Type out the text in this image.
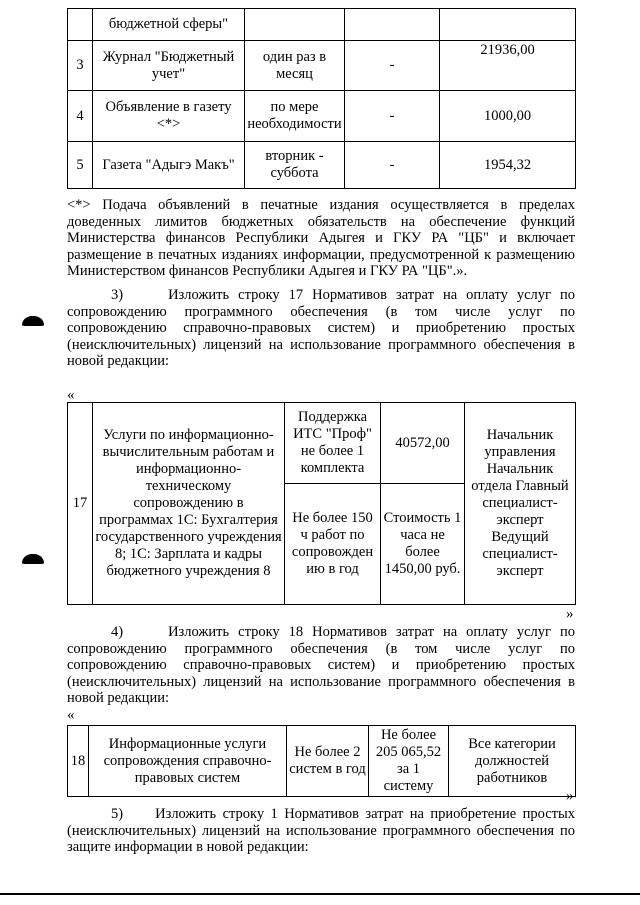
	бюджетной сферы"			
3	Журнал "Бюджетный учет"	один раз в месяц	-	21936,00
4	Объявление в газету <*>	по мере необходимости	-	1000,00
5	Газета "Адыгэ Макъ"	вторник - суббота	-	1954,32

<*> Подача объявлений в печатные издания осуществляется в пределах доведенных лимитов бюджетных обязательств на обеспечение функций Министерства финансов Республики Адыгея и ГКУ РА "ЦБ" и включает размещение в печатных изданиях информации, предусмотренной к размещению Министерством финансов Республики Адыгея и ГКУ РА "ЦБ".».

3)     Изложить строку 17 Нормативов затрат на оплату услуг по сопровождению программного обеспечения (в том числе услуг по сопровождению справочно-правовых систем) и приобретению простых (неисключительных) лицензий на использование программного обеспечения в новой редакции:

«
17	Услуги по информационно-вычислительным работам и информационно-техническому сопровождению в программах 1С: Бухгалтерия государственного учреждения 8; 1С: Зарплата и кадры бюджетного учреждения 8	Поддержка ИТС "Проф" не более 1 комплекта	40572,00	Начальник управления Начальник отдела Главный специалист-эксперт Ведущий специалист-эксперт
		Не более 150 ч работ по сопровожден ию в год	Стоимость 1 часа не более 1450,00 руб.	
»

4)     Изложить строку 18 Нормативов затрат на оплату услуг по сопровождению программного обеспечения (в том числе услуг по сопровождению справочно-правовых систем) и приобретению простых (неисключительных) лицензий на использование программного обеспечения в новой редакции:

«
18	Информационные услуги сопровождения справочно-правовых систем	Не более 2 систем в год	Не более 205 065,52 за 1 систему	Все категории должностей работников
»

5)     Изложить строку 1 Нормативов затрат на приобретение простых (неисключительных) лицензий на использование программного обеспечения по защите информации в новой редакции:
